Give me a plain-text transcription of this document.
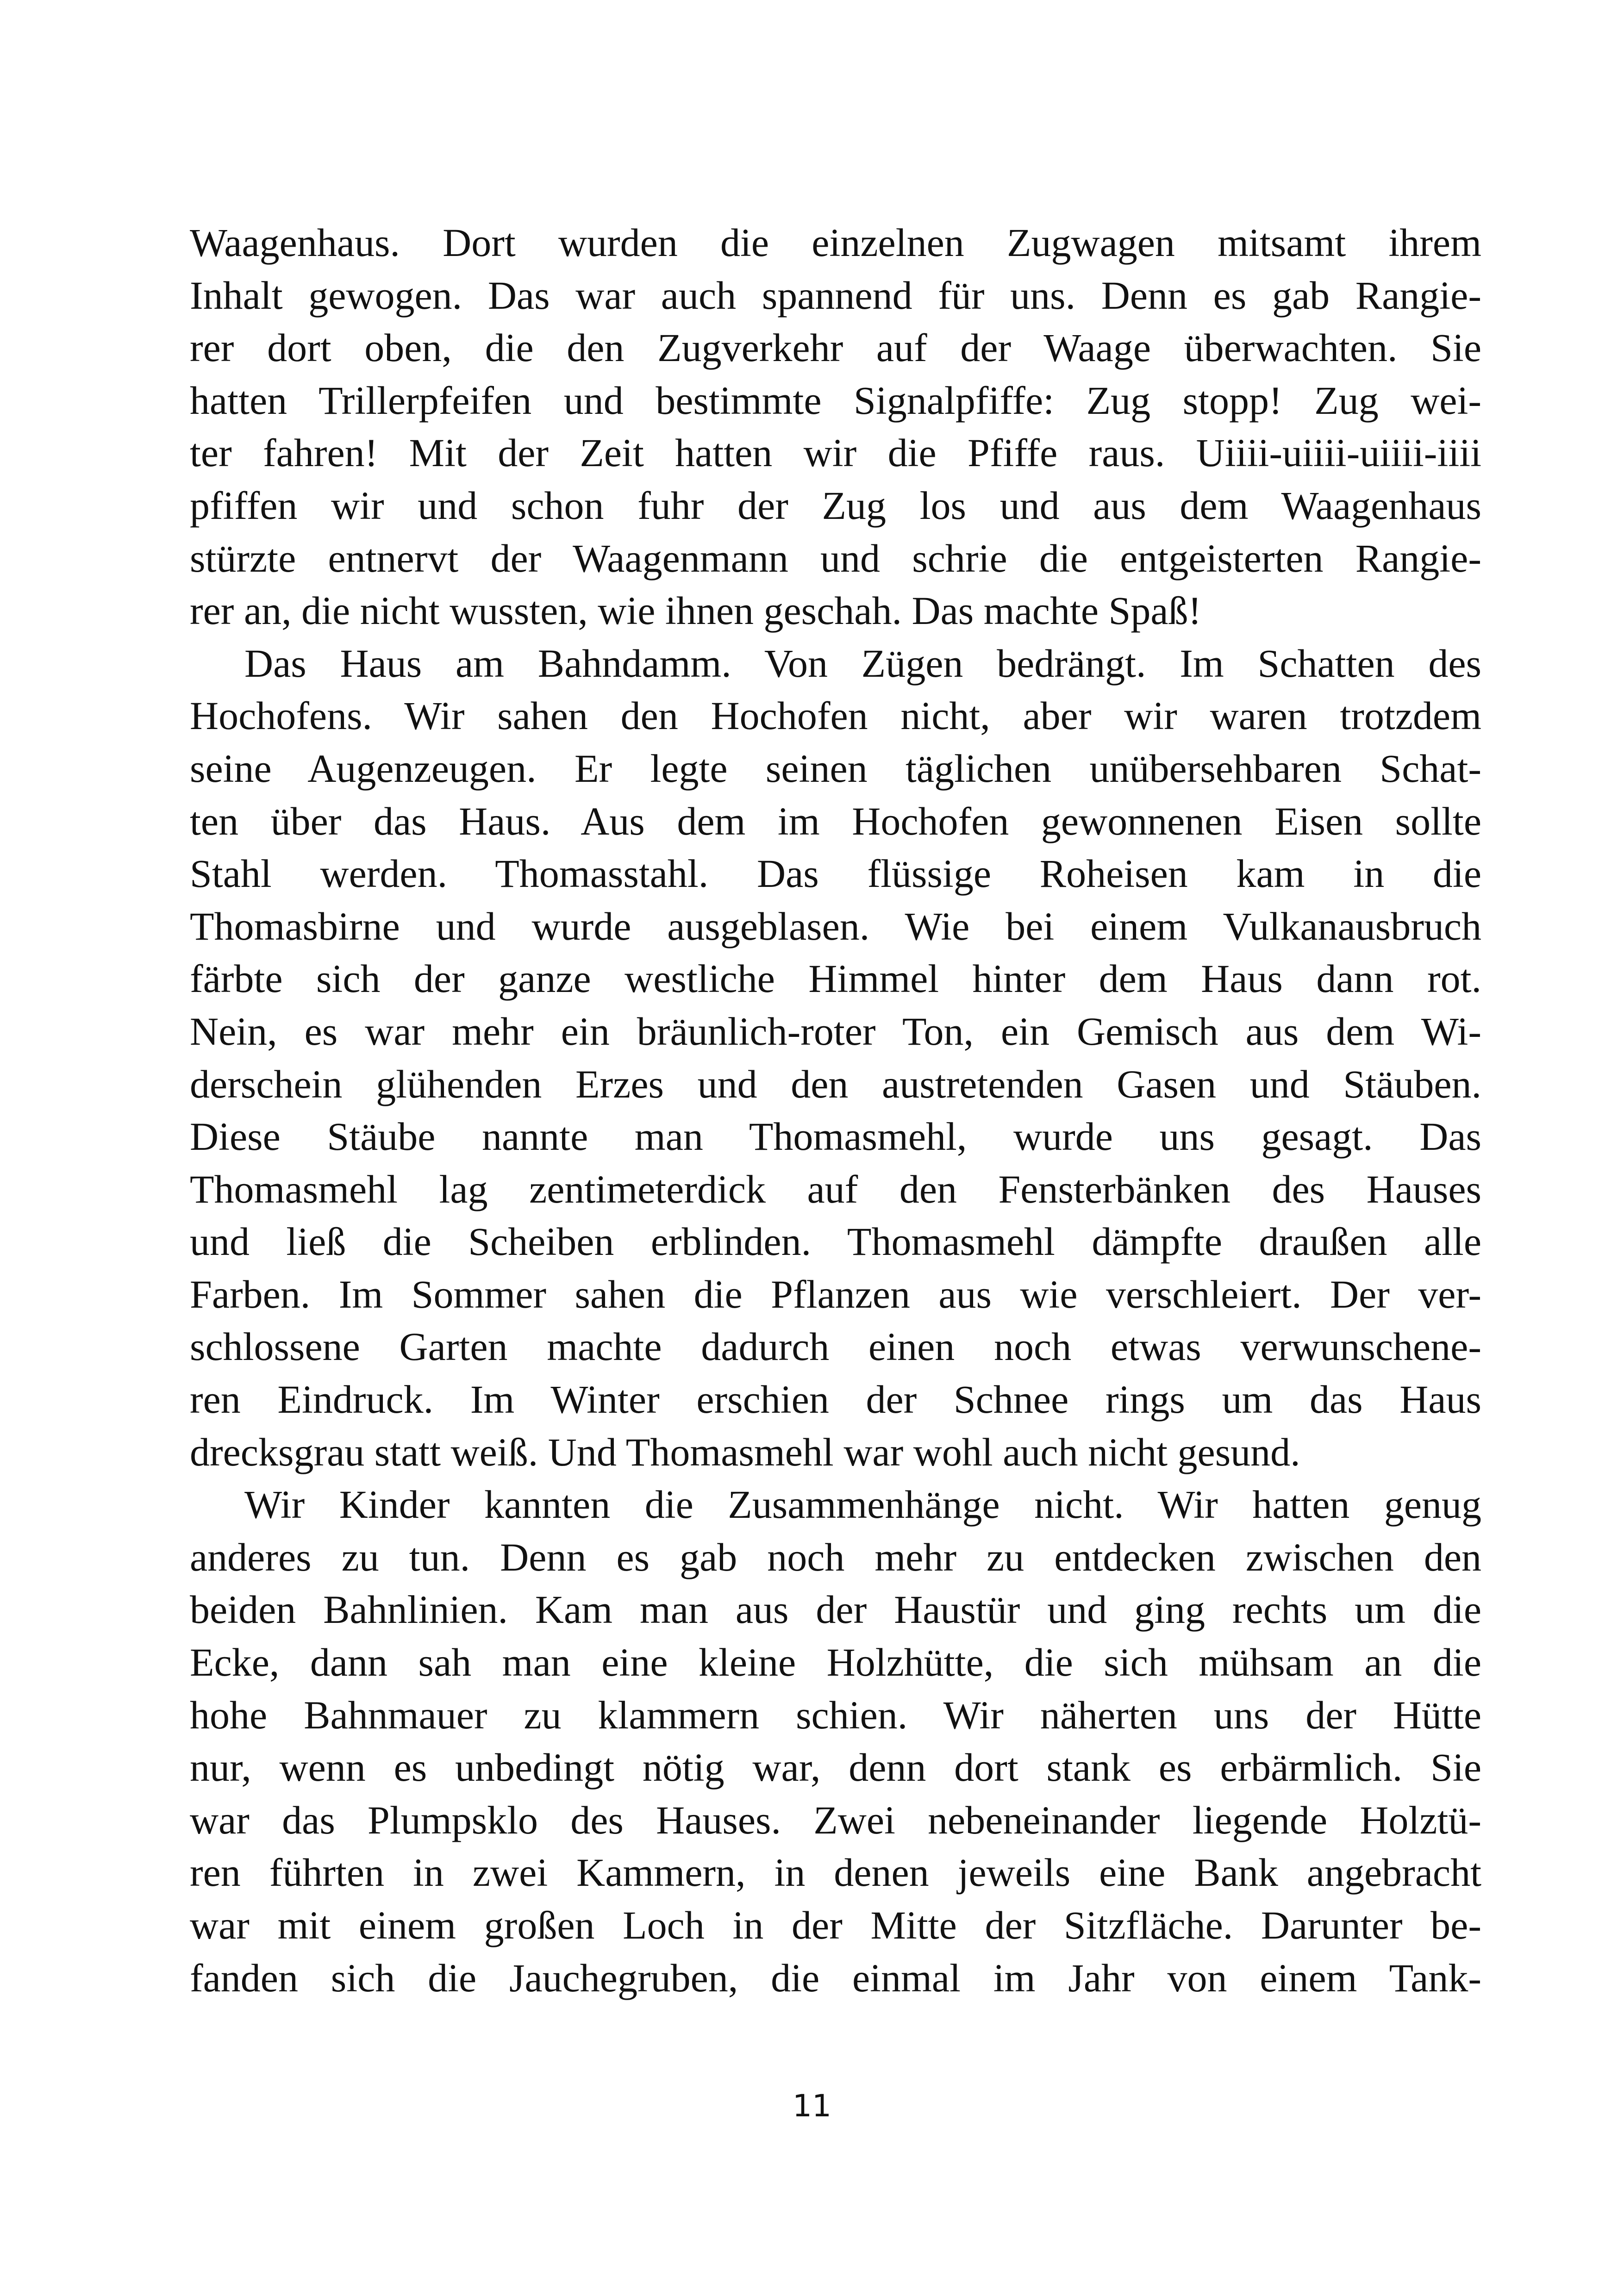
Waagenhaus. Dort wurden die einzelnen Zugwagen mitsamt ihrem
Inhalt gewogen. Das war auch spannend für uns. Denn es gab Rangie-
rer dort oben, die den Zugverkehr auf der Waage überwachten. Sie
hatten Trillerpfeifen und bestimmte Signalpfiffe: Zug stopp! Zug wei-
ter fahren! Mit der Zeit hatten wir die Pfiffe raus. Uiiii-uiiii-uiiii-iiii
pfiffen wir und schon fuhr der Zug los und aus dem Waagenhaus
stürzte entnervt der Waagenmann und schrie die entgeisterten Rangie-
rer an, die nicht wussten, wie ihnen geschah. Das machte Spaß!
Das Haus am Bahndamm. Von Zügen bedrängt. Im Schatten des
Hochofens. Wir sahen den Hochofen nicht, aber wir waren trotzdem
seine Augenzeugen. Er legte seinen täglichen unübersehbaren Schat-
ten über das Haus. Aus dem im Hochofen gewonnenen Eisen sollte
Stahl werden. Thomasstahl. Das flüssige Roheisen kam in die
Thomasbirne und wurde ausgeblasen. Wie bei einem Vulkanausbruch
färbte sich der ganze westliche Himmel hinter dem Haus dann rot.
Nein, es war mehr ein bräunlich-roter Ton, ein Gemisch aus dem Wi-
derschein glühenden Erzes und den austretenden Gasen und Stäuben.
Diese Stäube nannte man Thomasmehl, wurde uns gesagt. Das
Thomasmehl lag zentimeterdick auf den Fensterbänken des Hauses
und ließ die Scheiben erblinden. Thomasmehl dämpfte draußen alle
Farben. Im Sommer sahen die Pflanzen aus wie verschleiert. Der ver-
schlossene Garten machte dadurch einen noch etwas verwunschene-
ren Eindruck. Im Winter erschien der Schnee rings um das Haus
drecksgrau statt weiß. Und Thomasmehl war wohl auch nicht gesund.
Wir Kinder kannten die Zusammenhänge nicht. Wir hatten genug
anderes zu tun. Denn es gab noch mehr zu entdecken zwischen den
beiden Bahnlinien. Kam man aus der Haustür und ging rechts um die
Ecke, dann sah man eine kleine Holzhütte, die sich mühsam an die
hohe Bahnmauer zu klammern schien. Wir näherten uns der Hütte
nur, wenn es unbedingt nötig war, denn dort stank es erbärmlich. Sie
war das Plumpsklo des Hauses. Zwei nebeneinander liegende Holztü-
ren führten in zwei Kammern, in denen jeweils eine Bank angebracht
war mit einem großen Loch in der Mitte der Sitzfläche. Darunter be-
fanden sich die Jauchegruben, die einmal im Jahr von einem Tank-
11
